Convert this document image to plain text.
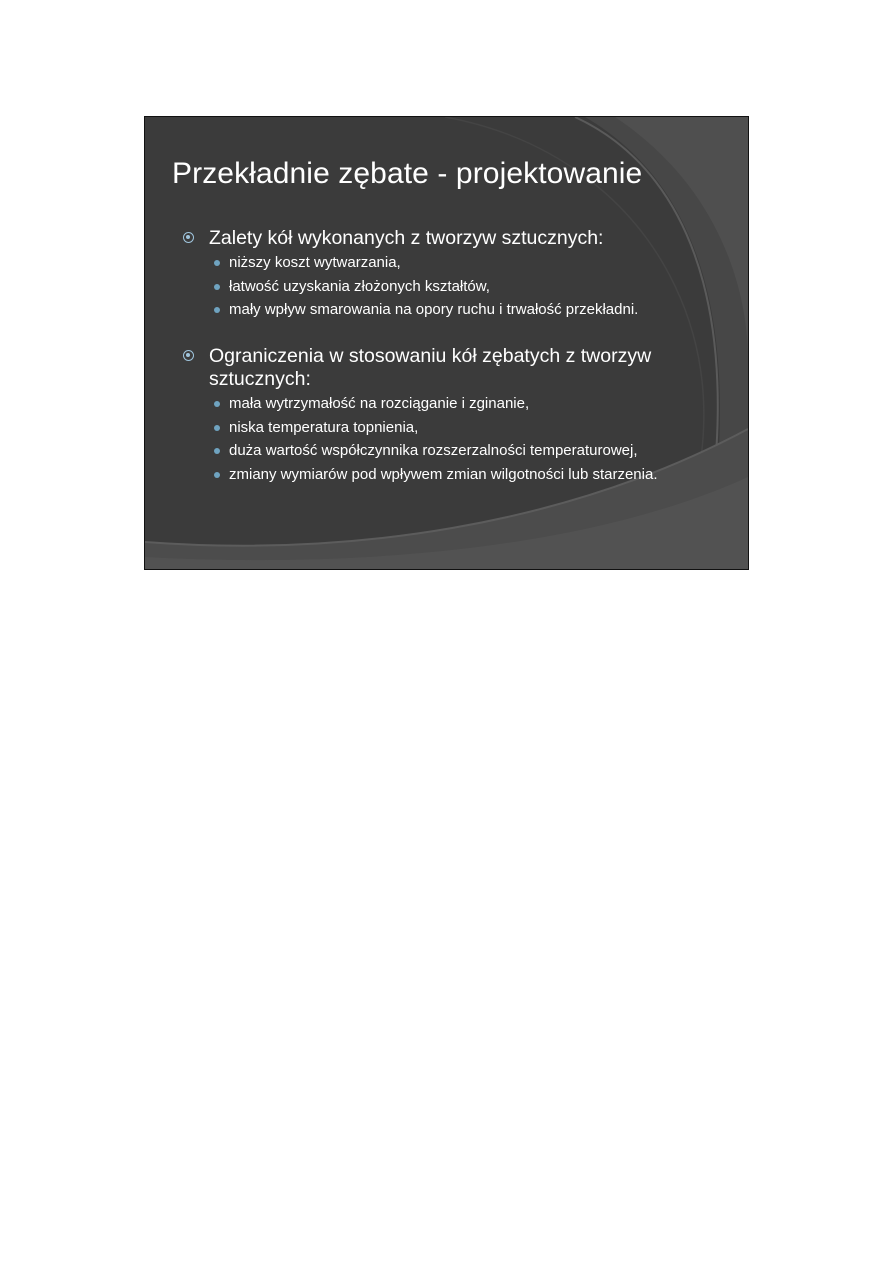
Przekładnie zębate - projektowanie
Zalety kół wykonanych z tworzyw sztucznych:
niższy koszt wytwarzania,
łatwość uzyskania złożonych kształtów,
mały wpływ smarowania na opory ruchu i trwałość przekładni.
Ograniczenia w stosowaniu kół zębatych z tworzyw sztucznych:
mała wytrzymałość na rozciąganie i zginanie,
niska temperatura topnienia,
duża wartość współczynnika rozszerzalności temperaturowej,
zmiany wymiarów pod wpływem zmian wilgotności lub starzenia.
